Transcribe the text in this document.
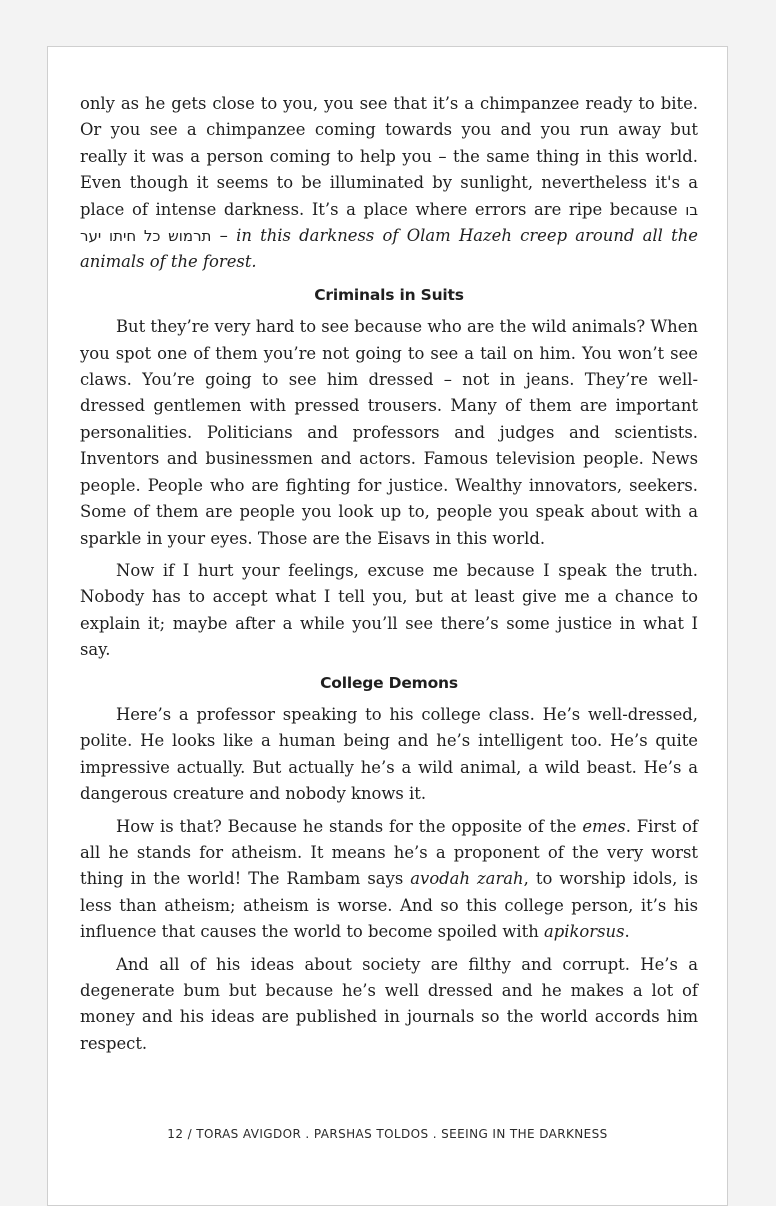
only as he gets close to you, you see that it’s a chimpanzee ready to bite. Or you see a chimpanzee coming towards you and you run away but really it was a person coming to help you – the same thing in this world. Even though it seems to be illuminated by sunlight, nevertheless it's a place of intense darkness. It’s a place where errors are ripe because בו תרמוש כל חיתו יער – in this darkness of Olam Hazeh creep around all the animals of the forest.

Criminals in Suits

But they’re very hard to see because who are the wild animals? When you spot one of them you’re not going to see a tail on him. You won’t see claws. You’re going to see him dressed – not in jeans. They’re well-dressed gentlemen with pressed trousers. Many of them are important personalities. Politicians and professors and judges and scientists. Inventors and businessmen and actors. Famous television people. News people. People who are fighting for justice. Wealthy innovators, seekers. Some of them are people you look up to, people you speak about with a sparkle in your eyes. Those are the Eisavs in this world.

Now if I hurt your feelings, excuse me because I speak the truth. Nobody has to accept what I tell you, but at least give me a chance to explain it; maybe after a while you’ll see there’s some justice in what I say.

College Demons

Here’s a professor speaking to his college class. He’s well-dressed, polite. He looks like a human being and he’s intelligent too. He’s quite impressive actually. But actually he’s a wild animal, a wild beast. He’s a dangerous creature and nobody knows it.

How is that? Because he stands for the opposite of the emes. First of all he stands for atheism. It means he’s a proponent of the very worst thing in the world! The Rambam says avodah zarah, to worship idols, is less than atheism; atheism is worse. And so this college person, it’s his influence that causes the world to become spoiled with apikorsus.

And all of his ideas about society are filthy and corrupt. He’s a degenerate bum but because he’s well dressed and he makes a lot of money and his ideas are published in journals so the world accords him respect.

12 / TORAS AVIGDOR . PARSHAS TOLDOS . SEEING IN THE DARKNESS
